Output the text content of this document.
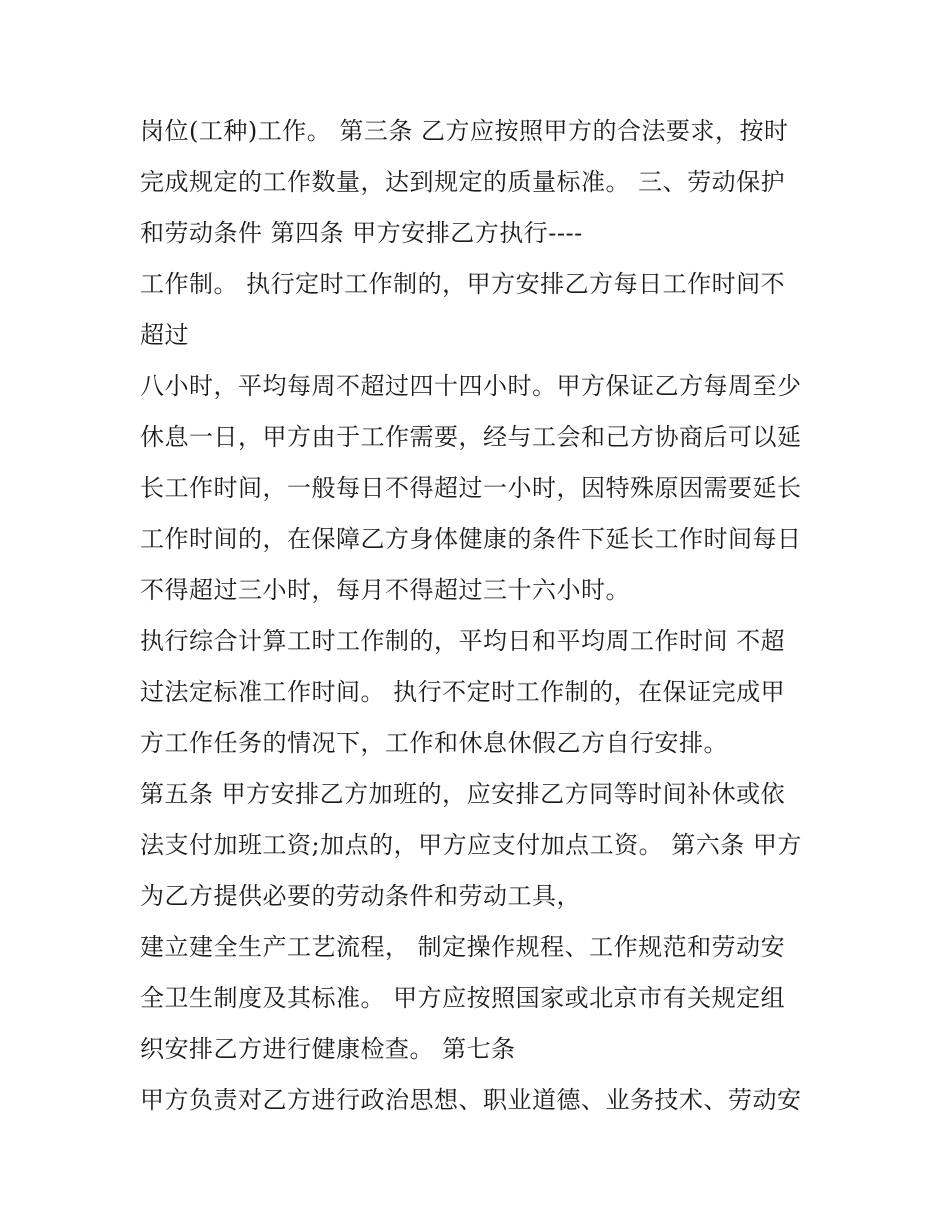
岗位(工种)工作。 第三条 乙方应按照甲方的合法要求，按时
完成规定的工作数量，达到规定的质量标准。 三、劳动保护
和劳动条件 第四条 甲方安排乙方执行----
工作制。 执行定时工作制的，甲方安排乙方每日工作时间不
超过
八小时，平均每周不超过四十四小时。甲方保证乙方每周至少
休息一日，甲方由于工作需要，经与工会和己方协商后可以延
长工作时间，一般每日不得超过一小时，因特殊原因需要延长
工作时间的，在保障乙方身体健康的条件下延长工作时间每日
不得超过三小时，每月不得超过三十六小时。
执行综合计算工时工作制的，平均日和平均周工作时间 不超
过法定标准工作时间。 执行不定时工作制的，在保证完成甲
方工作任务的情况下，工作和休息休假乙方自行安排。
第五条 甲方安排乙方加班的，应安排乙方同等时间补休或依
法支付加班工资;加点的，甲方应支付加点工资。 第六条 甲方
为乙方提供必要的劳动条件和劳动工具，
建立建全生产工艺流程， 制定操作规程、工作规范和劳动安
全卫生制度及其标准。 甲方应按照国家或北京市有关规定组
织安排乙方进行健康检查。 第七条
甲方负责对乙方进行政治思想、职业道德、业务技术、劳动安
